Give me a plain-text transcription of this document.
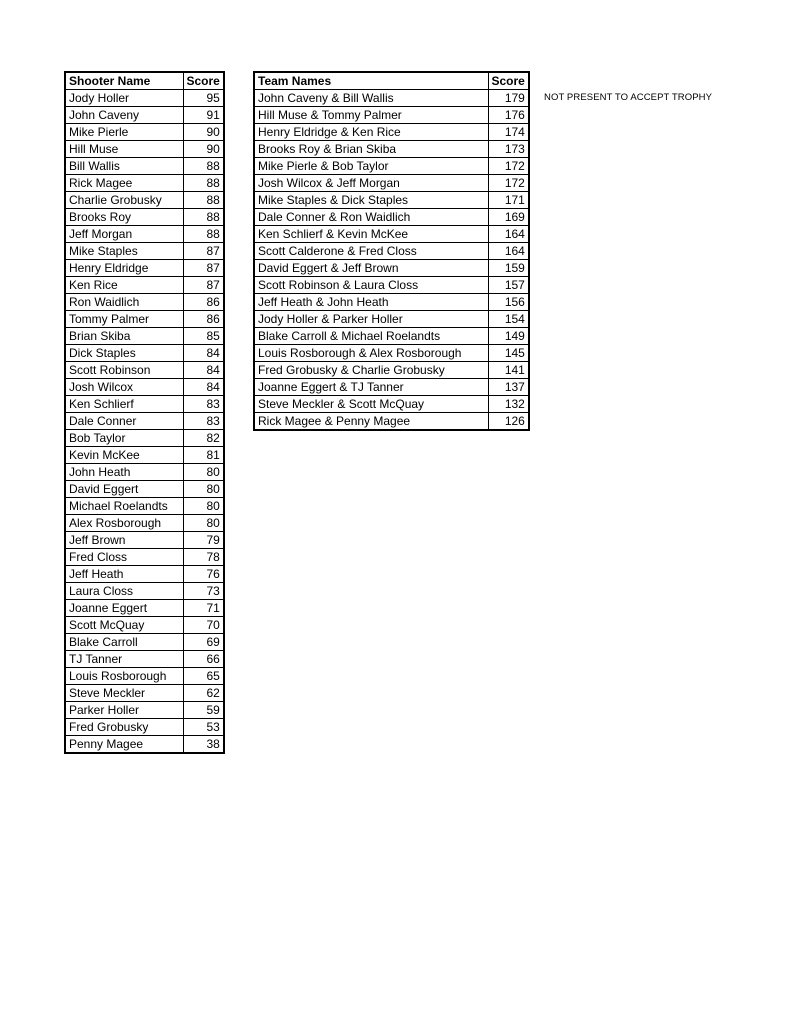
Shooter Name	Score
Jody Holler	95
John Caveny	91
Mike Pierle	90
Hill Muse	90
Bill Wallis	88
Rick Magee	88
Charlie Grobusky	88
Brooks Roy	88
Jeff Morgan	88
Mike Staples	87
Henry Eldridge	87
Ken Rice	87
Ron Waidlich	86
Tommy Palmer	86
Brian Skiba	85
Dick Staples	84
Scott Robinson	84
Josh Wilcox	84
Ken Schlierf	83
Dale Conner	83
Bob Taylor	82
Kevin McKee	81
John Heath	80
David Eggert	80
Michael Roelandts	80
Alex Rosborough	80
Jeff Brown	79
Fred Closs	78
Jeff Heath	76
Laura Closs	73
Joanne Eggert	71
Scott McQuay	70
Blake Carroll	69
TJ Tanner	66
Louis Rosborough	65
Steve Meckler	62
Parker Holler	59
Fred Grobusky	53
Penny Magee	38
Team Names	Score
John Caveny & Bill Wallis	179
Hill Muse & Tommy Palmer	176
Henry Eldridge & Ken Rice	174
Brooks Roy & Brian Skiba	173
Mike Pierle & Bob Taylor	172
Josh Wilcox & Jeff Morgan	172
Mike Staples & Dick Staples	171
Dale Conner & Ron Waidlich	169
Ken Schlierf & Kevin McKee	164
Scott Calderone & Fred Closs	164
David Eggert & Jeff Brown	159
Scott Robinson & Laura Closs	157
Jeff Heath & John Heath	156
Jody Holler & Parker Holler	154
Blake Carroll & Michael Roelandts	149
Louis Rosborough & Alex Rosborough	145
Fred Grobusky & Charlie Grobusky	141
Joanne Eggert & TJ Tanner	137
Steve Meckler & Scott McQuay	132
Rick Magee & Penny Magee	126
NOT PRESENT TO ACCEPT TROPHY
